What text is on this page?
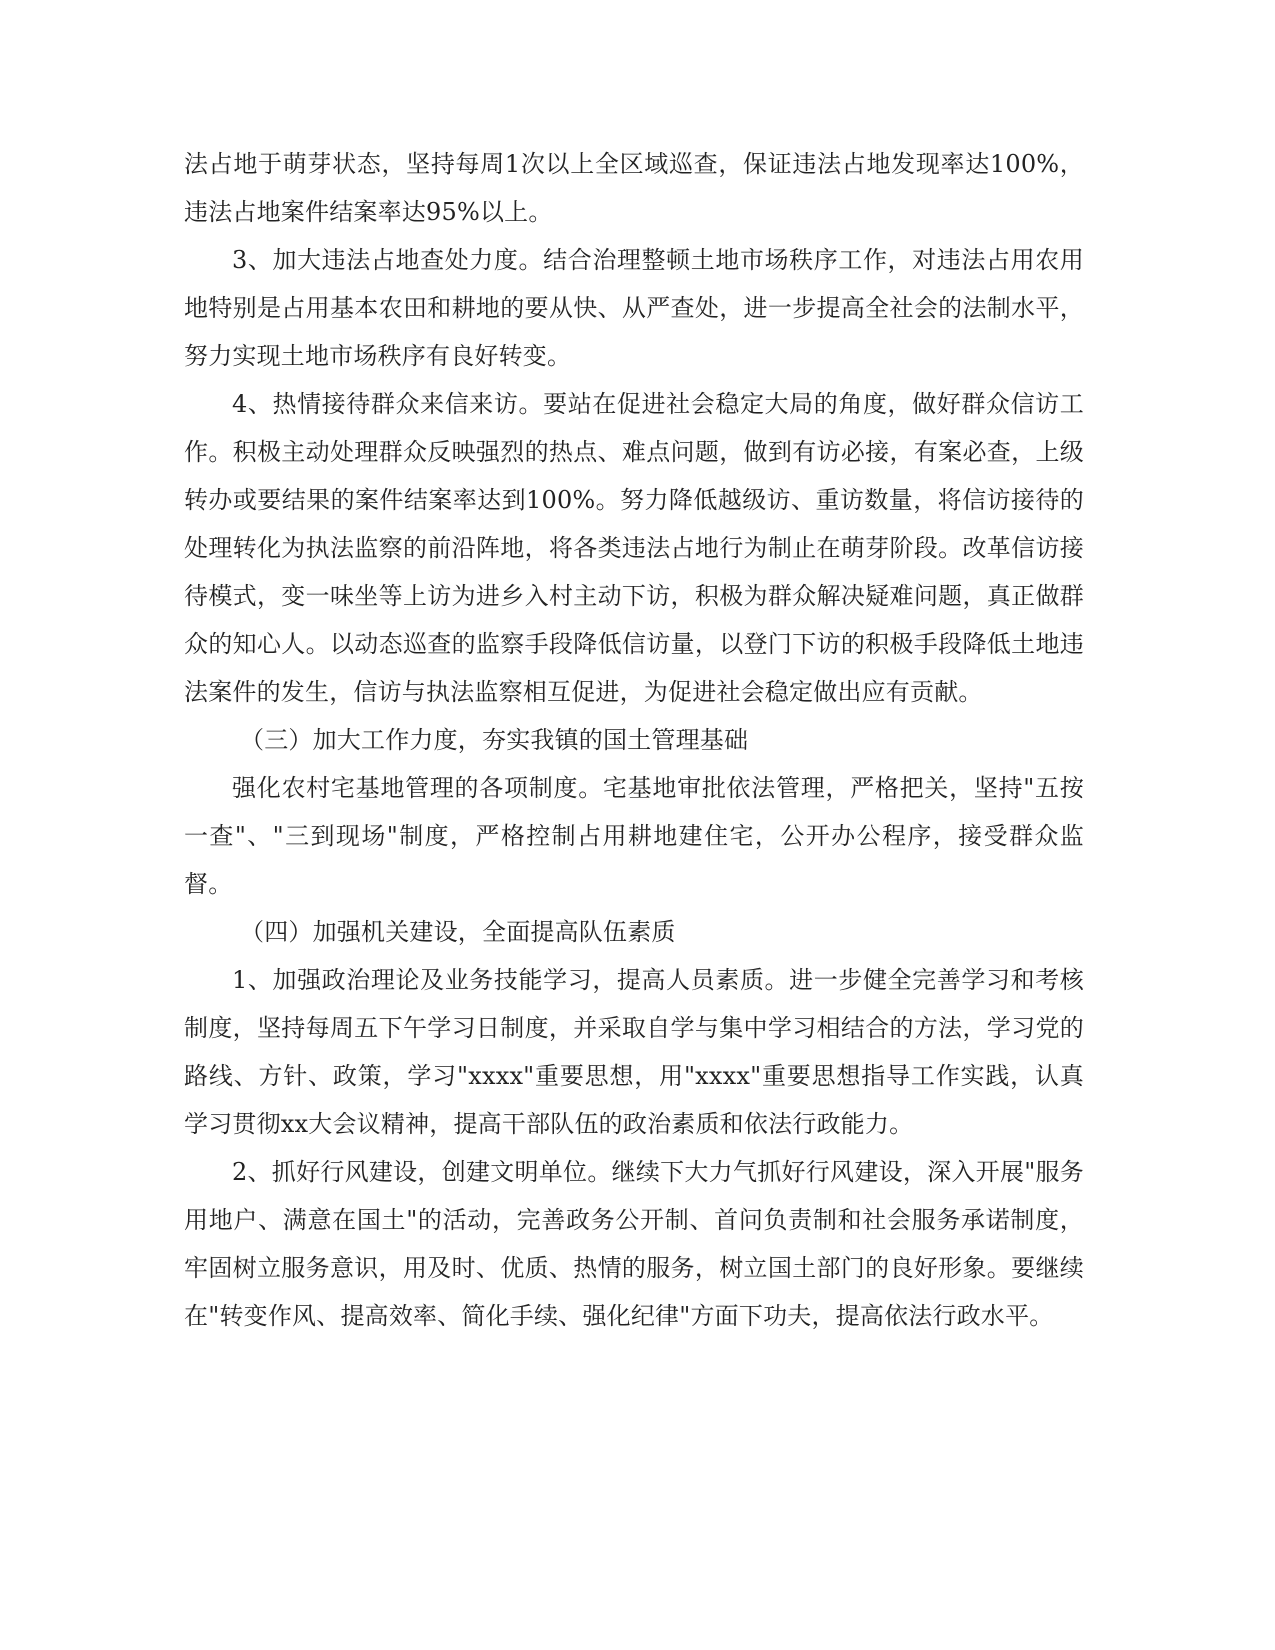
法占地于萌芽状态，坚持每周1次以上全区域巡查，保证违法占地发现率达100%，违法占地案件结案率达95%以上。

3、加大违法占地查处力度。结合治理整顿土地市场秩序工作，对违法占用农用地特别是占用基本农田和耕地的要从快、从严查处，进一步提高全社会的法制水平，努力实现土地市场秩序有良好转变。

4、热情接待群众来信来访。要站在促进社会稳定大局的角度，做好群众信访工作。积极主动处理群众反映强烈的热点、难点问题，做到有访必接，有案必查，上级转办或要结果的案件结案率达到100%。努力降低越级访、重访数量，将信访接待的处理转化为执法监察的前沿阵地，将各类违法占地行为制止在萌芽阶段。改革信访接待模式，变一味坐等上访为进乡入村主动下访，积极为群众解决疑难问题，真正做群众的知心人。以动态巡查的监察手段降低信访量，以登门下访的积极手段降低土地违法案件的发生，信访与执法监察相互促进，为促进社会稳定做出应有贡献。

（三）加大工作力度，夯实我镇的国土管理基础

强化农村宅基地管理的各项制度。宅基地审批依法管理，严格把关，坚持"五按一查"、"三到现场"制度，严格控制占用耕地建住宅，公开办公程序，接受群众监督。

（四）加强机关建设，全面提高队伍素质

1、加强政治理论及业务技能学习，提高人员素质。进一步健全完善学习和考核制度，坚持每周五下午学习日制度，并采取自学与集中学习相结合的方法，学习党的路线、方针、政策，学习"xxxx"重要思想，用"xxxx"重要思想指导工作实践，认真学习贯彻xx大会议精神，提高干部队伍的政治素质和依法行政能力。

2、抓好行风建设，创建文明单位。继续下大力气抓好行风建设，深入开展"服务用地户、满意在国土"的活动，完善政务公开制、首问负责制和社会服务承诺制度，牢固树立服务意识，用及时、优质、热情的服务，树立国土部门的良好形象。要继续在"转变作风、提高效率、简化手续、强化纪律"方面下功夫，提高依法行政水平。
